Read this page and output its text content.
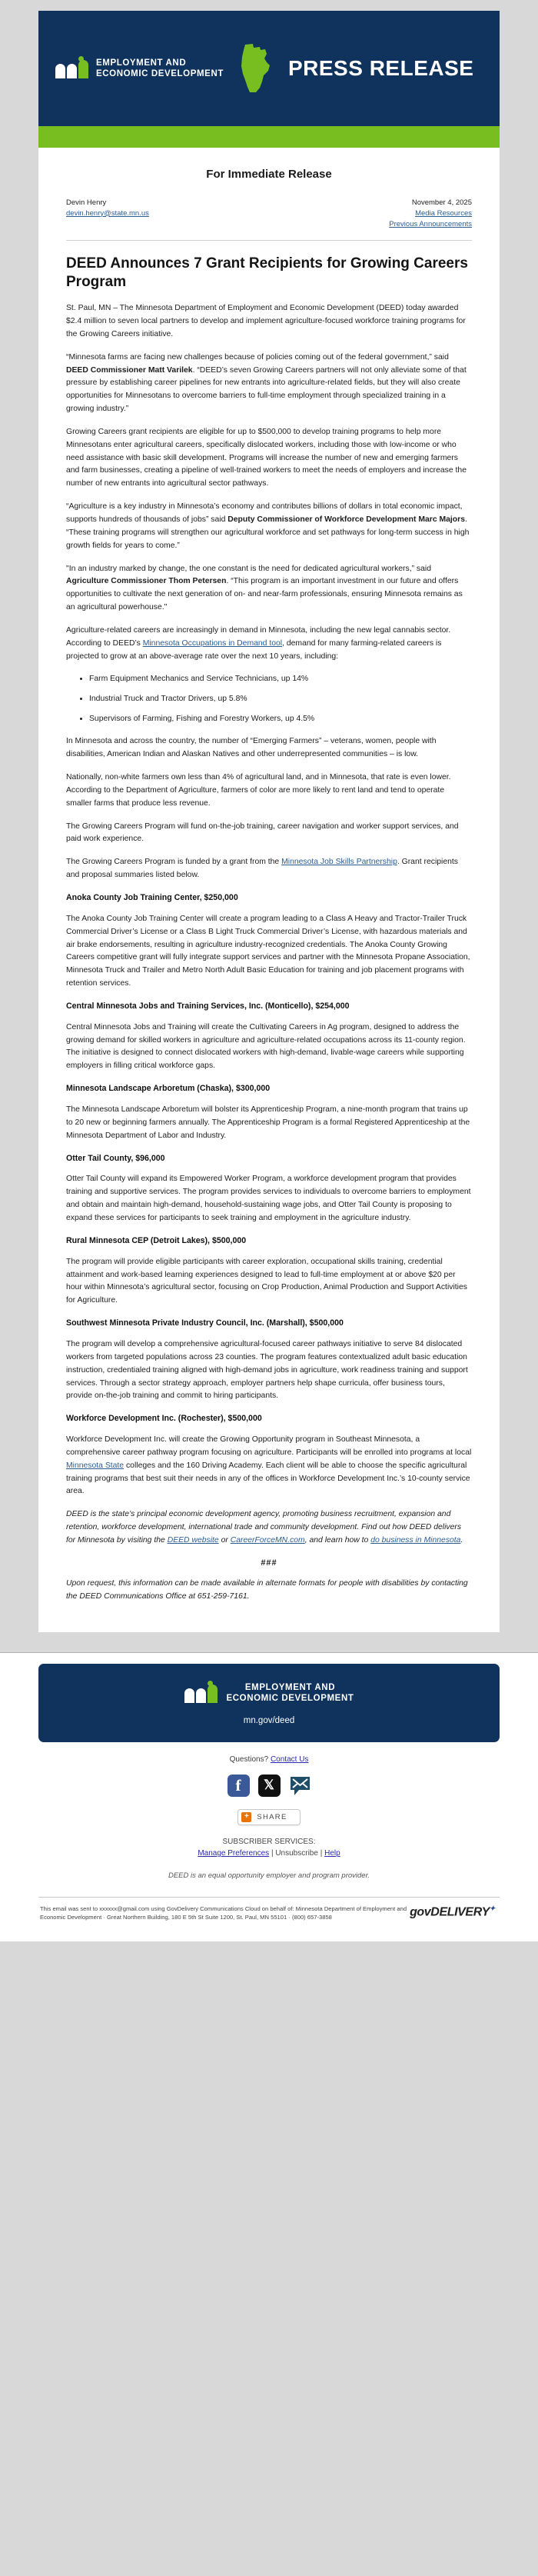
EMPLOYMENT AND
ECONOMIC DEVELOPMENT	PRESS RELEASE
For Immediate Release
Devin Henry
devin.henry@state.mn.us
November 4, 2025
Media Resources
Previous Announcements
DEED Announces 7 Grant Recipients for Growing Careers Program

St. Paul, MN – The Minnesota Department of Employment and Economic Development (DEED) today awarded $2.4 million to seven local partners to develop and implement agriculture-focused workforce training programs for the Growing Careers initiative.

“Minnesota farms are facing new challenges because of policies coming out of the federal government,” said DEED Commissioner Matt Varilek. “DEED’s seven Growing Careers partners will not only alleviate some of that pressure by establishing career pipelines for new entrants into agriculture-related fields, but they will also create opportunities for Minnesotans to overcome barriers to full-time employment through specialized training in a growing industry.”

Growing Careers grant recipients are eligible for up to $500,000 to develop training programs to help more Minnesotans enter agricultural careers, specifically dislocated workers, including those with low-income or who need assistance with basic skill development. Programs will increase the number of new and emerging farmers and farm businesses, creating a pipeline of well-trained workers to meet the needs of employers and increase the number of new entrants into agricultural sector pathways.

“Agriculture is a key industry in Minnesota’s economy and contributes billions of dollars in total economic impact, supports hundreds of thousands of jobs” said Deputy Commissioner of Workforce Development Marc Majors. “These training programs will strengthen our agricultural workforce and set pathways for long-term success in high growth fields for years to come.”

"In an industry marked by change, the one constant is the need for dedicated agricultural workers,” said Agriculture Commissioner Thom Petersen. “This program is an important investment in our future and offers opportunities to cultivate the next generation of on- and near-farm professionals, ensuring Minnesota remains as an agricultural powerhouse."

Agriculture-related careers are increasingly in demand in Minnesota, including the new legal cannabis sector. According to DEED’s Minnesota Occupations in Demand tool, demand for many farming-related careers is projected to grow at an above-average rate over the next 10 years, including:

• Farm Equipment Mechanics and Service Technicians, up 14%
• Industrial Truck and Tractor Drivers, up 5.8%
• Supervisors of Farming, Fishing and Forestry Workers, up 4.5%

In Minnesota and across the country, the number of “Emerging Farmers” – veterans, women, people with disabilities, American Indian and Alaskan Natives and other underrepresented communities – is low.

Nationally, non-white farmers own less than 4% of agricultural land, and in Minnesota, that rate is even lower. According to the Department of Agriculture, farmers of color are more likely to rent land and tend to operate smaller farms that produce less revenue.

The Growing Careers Program will fund on-the-job training, career navigation and worker support services, and paid work experience.

The Growing Careers Program is funded by a grant from the Minnesota Job Skills Partnership. Grant recipients and proposal summaries listed below.

Anoka County Job Training Center, $250,000

The Anoka County Job Training Center will create a program leading to a Class A Heavy and Tractor-Trailer Truck Commercial Driver’s License or a Class B Light Truck Commercial Driver’s License, with hazardous materials and air brake endorsements, resulting in agriculture industry-recognized credentials. The Anoka County Growing Careers competitive grant will fully integrate support services and partner with the Minnesota Propane Association, Minnesota Truck and Trailer and Metro North Adult Basic Education for training and job placement programs with retention services.

Central Minnesota Jobs and Training Services, Inc. (Monticello), $254,000

Central Minnesota Jobs and Training will create the Cultivating Careers in Ag program, designed to address the growing demand for skilled workers in agriculture and agriculture-related occupations across its 11-county region. The initiative is designed to connect dislocated workers with high-demand, livable-wage careers while supporting employers in filling critical workforce gaps.

Minnesota Landscape Arboretum (Chaska), $300,000

The Minnesota Landscape Arboretum will bolster its Apprenticeship Program, a nine-month program that trains up to 20 new or beginning farmers annually. The Apprenticeship Program is a formal Registered Apprenticeship at the Minnesota Department of Labor and Industry.

Otter Tail County, $96,000

Otter Tail County will expand its Empowered Worker Program, a workforce development program that provides training and supportive services. The program provides services to individuals to overcome barriers to employment and obtain and maintain high-demand, household-sustaining wage jobs, and Otter Tail County is proposing to expand these services for participants to seek training and employment in the agriculture industry.

Rural Minnesota CEP (Detroit Lakes), $500,000

The program will provide eligible participants with career exploration, occupational skills training, credential attainment and work-based learning experiences designed to lead to full-time employment at or above $20 per hour within Minnesota’s agricultural sector, focusing on Crop Production, Animal Production and Support Activities for Agriculture.

Southwest Minnesota Private Industry Council, Inc. (Marshall), $500,000

The program will develop a comprehensive agricultural-focused career pathways initiative to serve 84 dislocated workers from targeted populations across 23 counties. The program features contextualized adult basic education instruction, credentialed training aligned with high-demand jobs in agriculture, work readiness training and support services. Through a sector strategy approach, employer partners help shape curricula, offer business tours, provide on-the-job training and commit to hiring participants.

Workforce Development Inc. (Rochester), $500,000

Workforce Development Inc. will create the Growing Opportunity program in Southeast Minnesota, a comprehensive career pathway program focusing on agriculture. Participants will be enrolled into programs at local Minnesota State colleges and the 160 Driving Academy. Each client will be able to choose the specific agricultural training programs that best suit their needs in any of the offices in Workforce Development Inc.’s 10-county service area.

DEED is the state’s principal economic development agency, promoting business recruitment, expansion and retention, workforce development, international trade and community development. Find out how DEED delivers for Minnesota by visiting the DEED website or CareerForceMN.com, and learn how to do business in Minnesota.

###

Upon request, this information can be made available in alternate formats for people with disabilities by contacting the DEED Communications Office at 651-259-7161.

EMPLOYMENT AND
ECONOMIC DEVELOPMENT
mn.gov/deed
Questions? Contact Us
f	𝕏
+	SHARE
SUBSCRIBER SERVICES:
Manage Preferences | Unsubscribe | Help
DEED is an equal opportunity employer and program provider.
This email was sent to xxxxxx@gmail.com using GovDelivery Communications Cloud on behalf of: Minnesota Department of Employment and Economic Development · Great Northern Building, 180 E 5th St Suite 1200, St. Paul, MN 55101 · (800) 657-3858	govDELIVERY✦
